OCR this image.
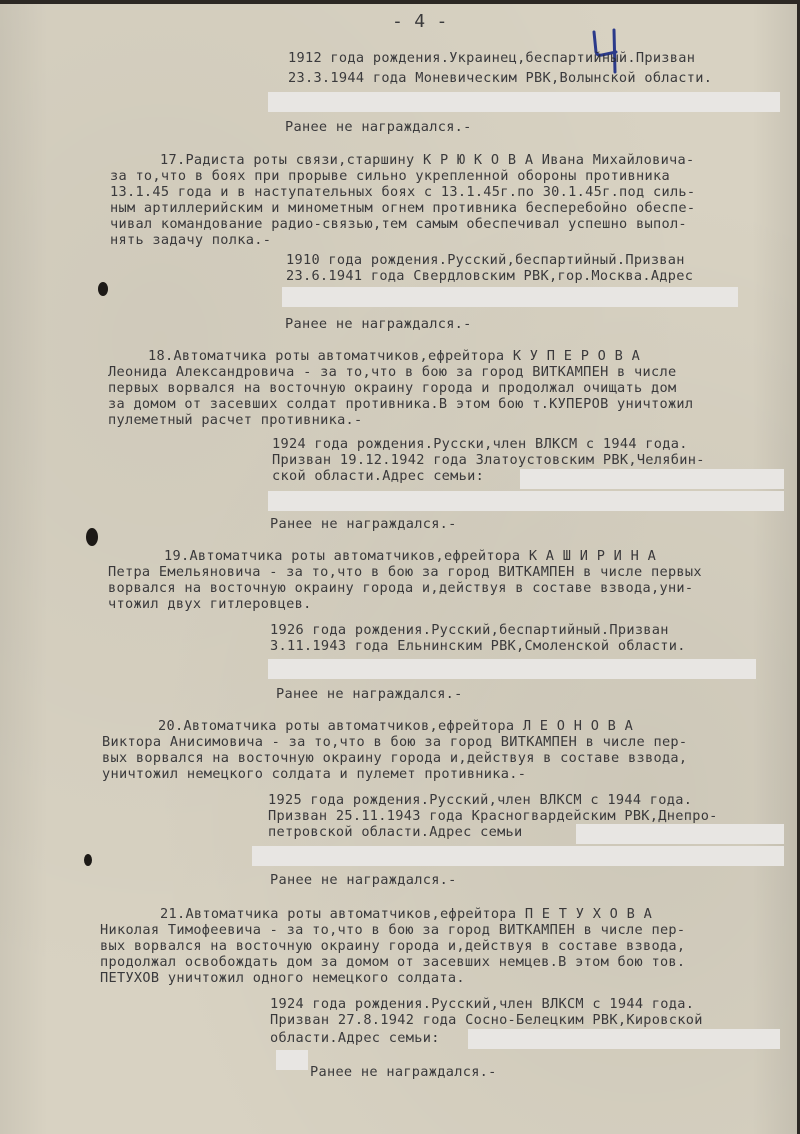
- 4 -
1912 года рождения.Украинец,беспартийный.Призван
23.3.1944 года Моневическим РВК,Волынской области.
Ранее не награждался.-
17.Радиста роты связи,старшину К Р Ю К О В А Ивана Михайловича-
за то,что в боях при прорыве сильно укрепленной обороны противника
13.1.45 года и в наступательных боях с 13.1.45г.по 30.1.45г.под силь-
ным артиллерийским и минометным огнем противника бесперебойно обеспе-
чивал командование радио-связью,тем самым обеспечивал успешно выпол-
нять задачу полка.-
1910 года рождения.Русский,беспартийный.Призван
23.6.1941 года Свердловским РВК,гор.Москва.Адрес
Ранее не награждался.-
18.Автоматчика роты автоматчиков,ефрейтора К У П Е Р О В А
Леонида Александровича - за то,что в бою за город ВИТКАМПЕН в числе
первых ворвался на восточную окраину города и продолжал очищать дом
за домом от засевших солдат противника.В этом бою т.КУПЕРОВ уничтожил
пулеметный расчет противника.-
1924 года рождения.Русски,член ВЛКСМ с 1944 года.
Призван 19.12.1942 года Златоустовским РВК,Челябин-
ской области.Адрес семьи:
Ранее не награждался.-
19.Автоматчика роты автоматчиков,ефрейтора К А Ш И Р И Н А
Петра Емельяновича - за то,что в бою за город ВИТКАМПЕН в числе первых
ворвался на восточную окраину города и,действуя в составе взвода,уни-
чтожил двух гитлеровцев.
1926 года рождения.Русский,беспартийный.Призван
3.11.1943 года Ельнинским РВК,Смоленской области.
Ранее не награждался.-
20.Автоматчика роты автоматчиков,ефрейтора Л Е О Н О В А
Виктора Анисимовича - за то,что в бою за город ВИТКАМПЕН в числе пер-
вых ворвался на восточную окраину города и,действуя в составе взвода,
уничтожил немецкого солдата и пулемет противника.-
1925 года рождения.Русский,член ВЛКСМ с 1944 года.
Призван 25.11.1943 года Красногвардейским РВК,Днепро-
петровской области.Адрес семьи
Ранее не награждался.-
21.Автоматчика роты автоматчиков,ефрейтора П Е Т У Х О В А
Николая Тимофеевича - за то,что в бою за город ВИТКАМПЕН в числе пер-
вых ворвался на восточную окраину города и,действуя в составе взвода,
продолжал освобождать дом за домом от засевших немцев.В этом бою тов.
ПЕТУХОВ уничтожил одного немецкого солдата.
1924 года рождения.Русский,член ВЛКСМ с 1944 года.
Призван 27.8.1942 года Сосно-Белецким РВК,Кировской
области.Адрес семьи:
Ранее не награждался.-
